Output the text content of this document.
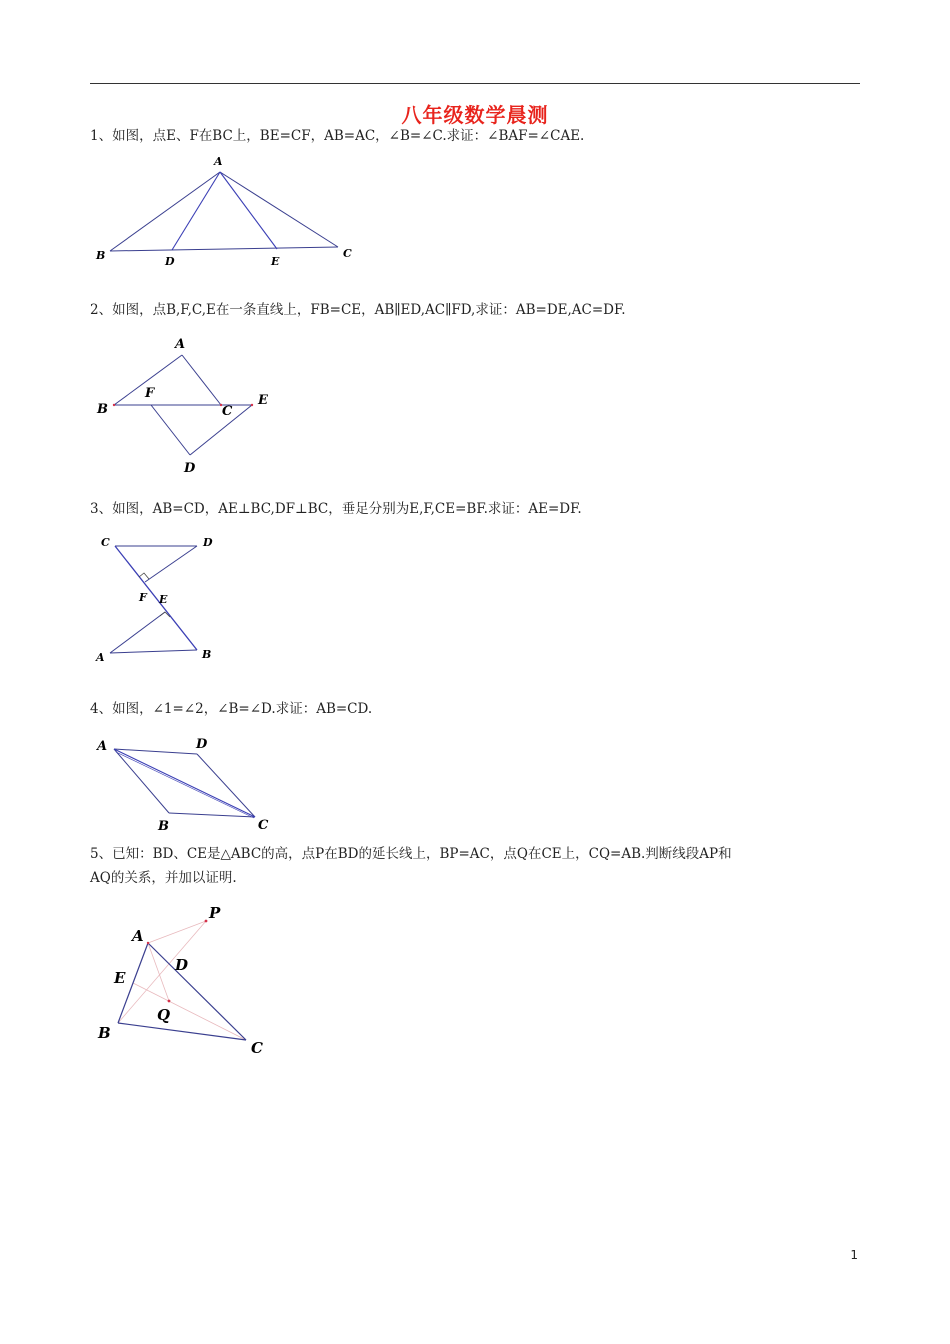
八年级数学晨测
1、如图，点E、F在BC上，BE=CF，AB=AC，∠B=∠C.求证：∠BAF=∠CAE.
A
B	C
D	E
2、如图，点B,F,C,E在一条直线上，FB=CE，AB∥ED,AC∥FD,求证：AB=DE,AC=DF.
A
B
F
C
E
D
3、如图，AB=CD，AE⊥BC,DF⊥BC，垂足分别为E,F,CE=BF.求证：AE=DF.
C	D
F E
A	B
4、如图，∠1=∠2，∠B=∠D.求证：AB=CD.
A	D
B	C
5、已知：BD、CE是△ABC的高，点P在BD的延长线上，BP=AC，点Q在CE上，CQ=AB.判断线段AP和
AQ的关系，并加以证明.
P
A
D
E
Q
B
C
1
